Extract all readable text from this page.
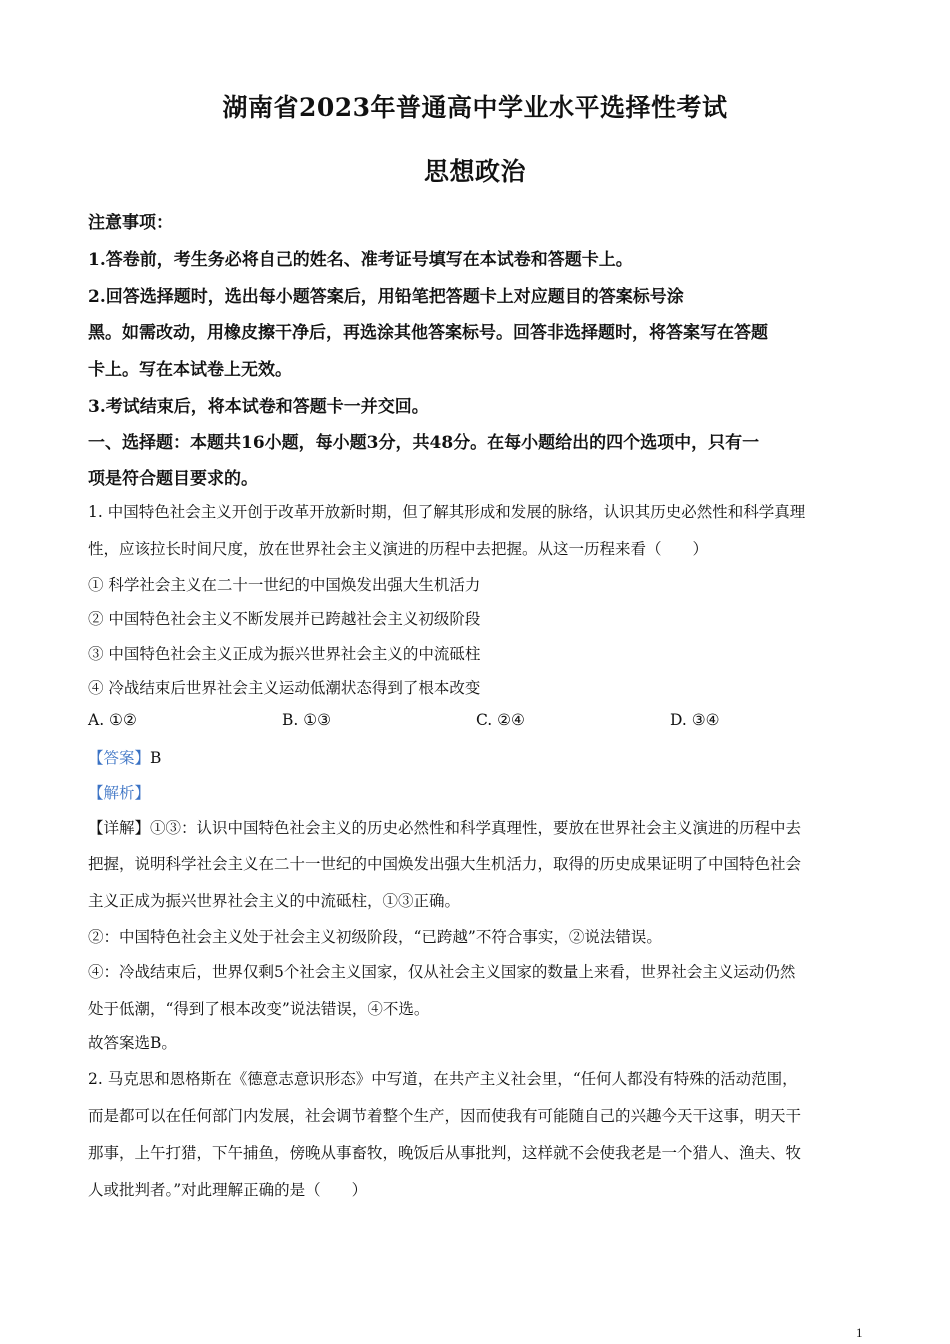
湖南省2023年普通高中学业水平选择性考试
思想政治
注意事项：
1.答卷前，考生务必将自己的姓名、准考证号填写在本试卷和答题卡上。
2.回答选择题时，选出每小题答案后，用铅笔把答题卡上对应题目的答案标号涂
黑。如需改动，用橡皮擦干净后，再选涂其他答案标号。回答非选择题时，将答案写在答题
卡上。写在本试卷上无效。
3.考试结束后，将本试卷和答题卡一并交回。
一、选择题：本题共16小题，每小题3分，共48分。在每小题给出的四个选项中，只有一
项是符合题目要求的。
1. 中国特色社会主义开创于改革开放新时期，但了解其形成和发展的脉络，认识其历史必然性和科学真理
性，应该拉长时间尺度，放在世界社会主义演进的历程中去把握。从这一历程来看（　　）
① 科学社会主义在二十一世纪的中国焕发出强大生机活力
② 中国特色社会主义不断发展并已跨越社会主义初级阶段
③ 中国特色社会主义正成为振兴世界社会主义的中流砥柱
④ 冷战结束后世界社会主义运动低潮状态得到了根本改变
A. ①②	B. ①③	C. ②④	D. ③④
【答案】B
【解析】
【详解】①③：认识中国特色社会主义的历史必然性和科学真理性，要放在世界社会主义演进的历程中去
把握，说明科学社会主义在二十一世纪的中国焕发出强大生机活力，取得的历史成果证明了中国特色社会
主义正成为振兴世界社会主义的中流砥柱，①③正确。
②：中国特色社会主义处于社会主义初级阶段，“已跨越”不符合事实，②说法错误。
④：冷战结束后，世界仅剩5个社会主义国家，仅从社会主义国家的数量上来看，世界社会主义运动仍然
处于低潮，“得到了根本改变”说法错误，④不选。
故答案选B。
2. 马克思和恩格斯在《德意志意识形态》中写道，在共产主义社会里，“任何人都没有特殊的活动范围，
而是都可以在任何部门内发展，社会调节着整个生产，因而使我有可能随自己的兴趣今天干这事，明天干
那事，上午打猎，下午捕鱼，傍晚从事畜牧，晚饭后从事批判，这样就不会使我老是一个猎人、渔夫、牧
人或批判者。”对此理解正确的是（　　）
1
